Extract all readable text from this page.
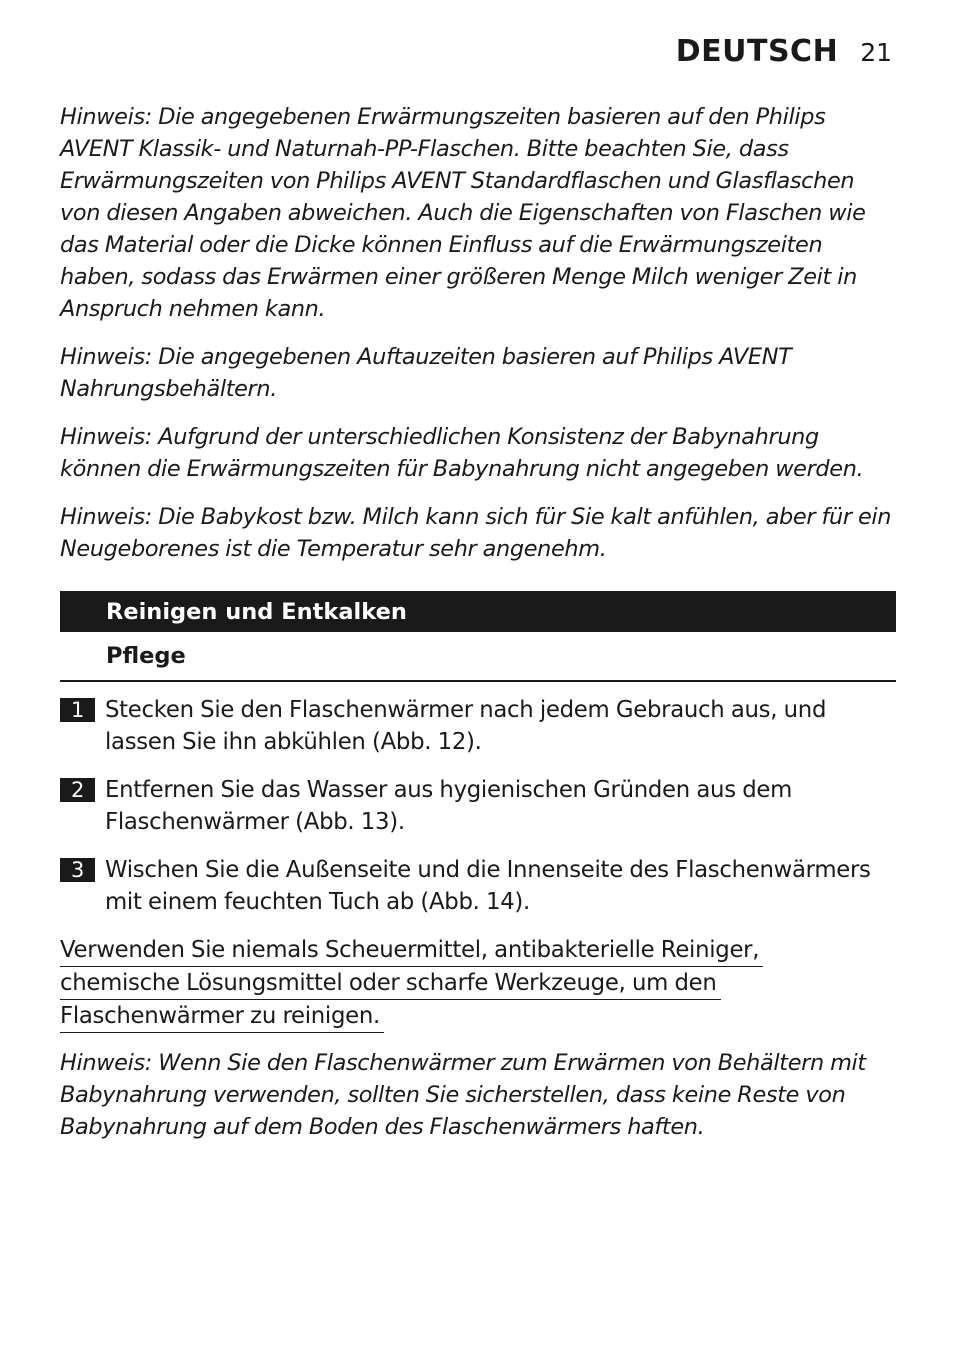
DEUTSCH 21

Hinweis: Die angegebenen Erwärmungszeiten basieren auf den Philips AVENT Klassik- und Naturnah-PP-Flaschen. Bitte beachten Sie, dass Erwärmungszeiten von Philips AVENT Standardflaschen und Glasflaschen von diesen Angaben abweichen. Auch die Eigenschaften von Flaschen wie das Material oder die Dicke können Einfluss auf die Erwärmungszeiten haben, sodass das Erwärmen einer größeren Menge Milch weniger Zeit in Anspruch nehmen kann.

Hinweis: Die angegebenen Auftauzeiten basieren auf Philips AVENT Nahrungsbehältern.

Hinweis: Aufgrund der unterschiedlichen Konsistenz der Babynahrung können die Erwärmungszeiten für Babynahrung nicht angegeben werden.

Hinweis: Die Babykost bzw. Milch kann sich für Sie kalt anfühlen, aber für ein Neugeborenes ist die Temperatur sehr angenehm.

Reinigen und Entkalken
Pflege
1 Stecken Sie den Flaschenwärmer nach jedem Gebrauch aus, und lassen Sie ihn abkühlen (Abb. 12).
2 Entfernen Sie das Wasser aus hygienischen Gründen aus dem Flaschenwärmer (Abb. 13).
3 Wischen Sie die Außenseite und die Innenseite des Flaschenwärmers mit einem feuchten Tuch ab (Abb. 14).
Verwenden Sie niemals Scheuermittel, antibakterielle Reiniger,
chemische Lösungsmittel oder scharfe Werkzeuge, um den
Flaschenwärmer zu reinigen.

Hinweis: Wenn Sie den Flaschenwärmer zum Erwärmen von Behältern mit Babynahrung verwenden, sollten Sie sicherstellen, dass keine Reste von Babynahrung auf dem Boden des Flaschenwärmers haften.
